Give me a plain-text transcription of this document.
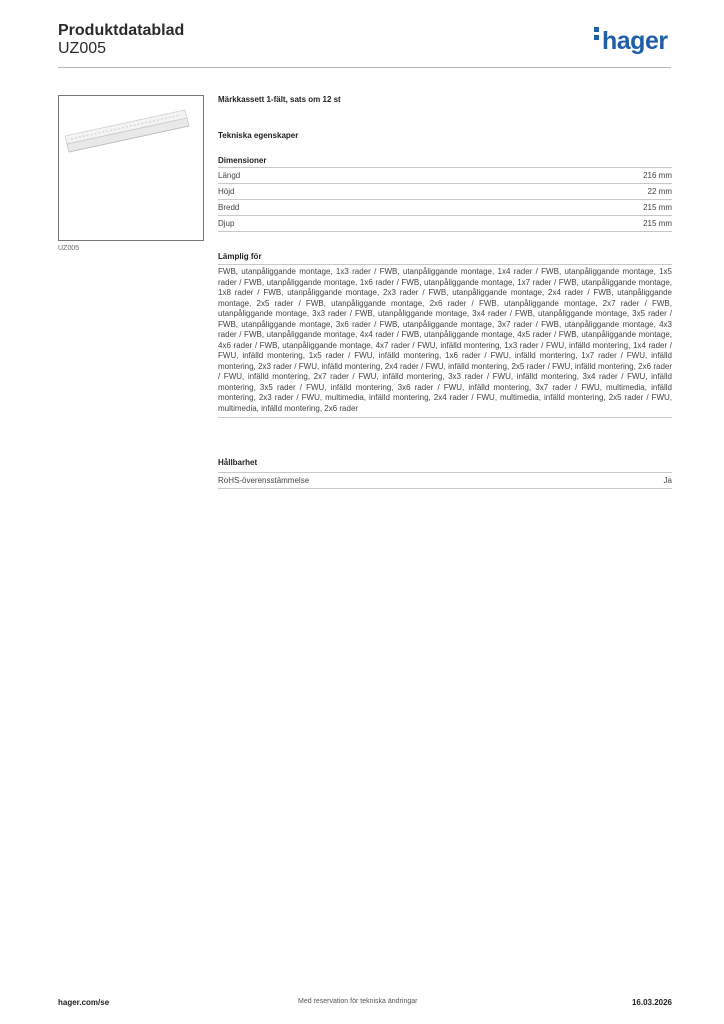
Produktdatablad
UZ005	hager
UZ005
Märkkassett 1-fält, sats om 12 st
Tekniska egenskaper
Dimensioner
Längd	216 mm
Höjd	22 mm
Bredd	215 mm
Djup	215 mm
Lämplig för
FWB, utanpåliggande montage, 1x3 rader / FWB, utanpåliggande montage, 1x4 rader / FWB, utanpåliggande montage, 1x5 rader / FWB, utanpåliggande montage, 1x6 rader / FWB, utanpåliggande montage, 1x7 rader / FWB, utanpåliggande montage, 1x8 rader / FWB, utanpåliggande montage, 2x3 rader / FWB, utanpåliggande montage, 2x4 rader / FWB, utanpåliggande montage, 2x5 rader / FWB, utanpåliggande montage, 2x6 rader / FWB, utanpåliggande montage, 2x7 rader / FWB, utanpåliggande montage, 3x3 rader / FWB, utanpåliggande montage, 3x4 rader / FWB, utanpåliggande montage, 3x5 rader / FWB, utanpåliggande montage, 3x6 rader / FWB, utanpåliggande montage, 3x7 rader / FWB, utanpåliggande montage, 4x3 rader / FWB, utanpåliggande montage, 4x4 rader / FWB, utanpåliggande montage, 4x5 rader / FWB, utanpåliggande montage, 4x6 rader / FWB, utanpåliggande montage, 4x7 rader / FWU, infälld montering, 1x3 rader / FWU, infälld montering, 1x4 rader / FWU, infälld montering, 1x5 rader / FWU, infälld montering, 1x6 rader / FWU, infälld montering, 1x7 rader / FWU, infälld montering, 2x3 rader / FWU, infälld montering, 2x4 rader / FWU, infälld montering, 2x5 rader / FWU, infälld montering, 2x6 rader / FWU, infälld montering, 2x7 rader / FWU, infälld montering, 3x3 rader / FWU, infälld montering, 3x4 rader / FWU, infälld montering, 3x5 rader / FWU, infälld montering, 3x6 rader / FWU, infälld montering, 3x7 rader / FWU, multimedia, infälld montering, 2x3 rader / FWU, multimedia, infälld montering, 2x4 rader / FWU, multimedia, infälld montering, 2x5 rader / FWU, multimedia, infälld montering, 2x6 rader
Hållbarhet
RoHS-överensstämmelse	Ja
hager.com/se	Med reservation för tekniska ändringar	16.03.2026
